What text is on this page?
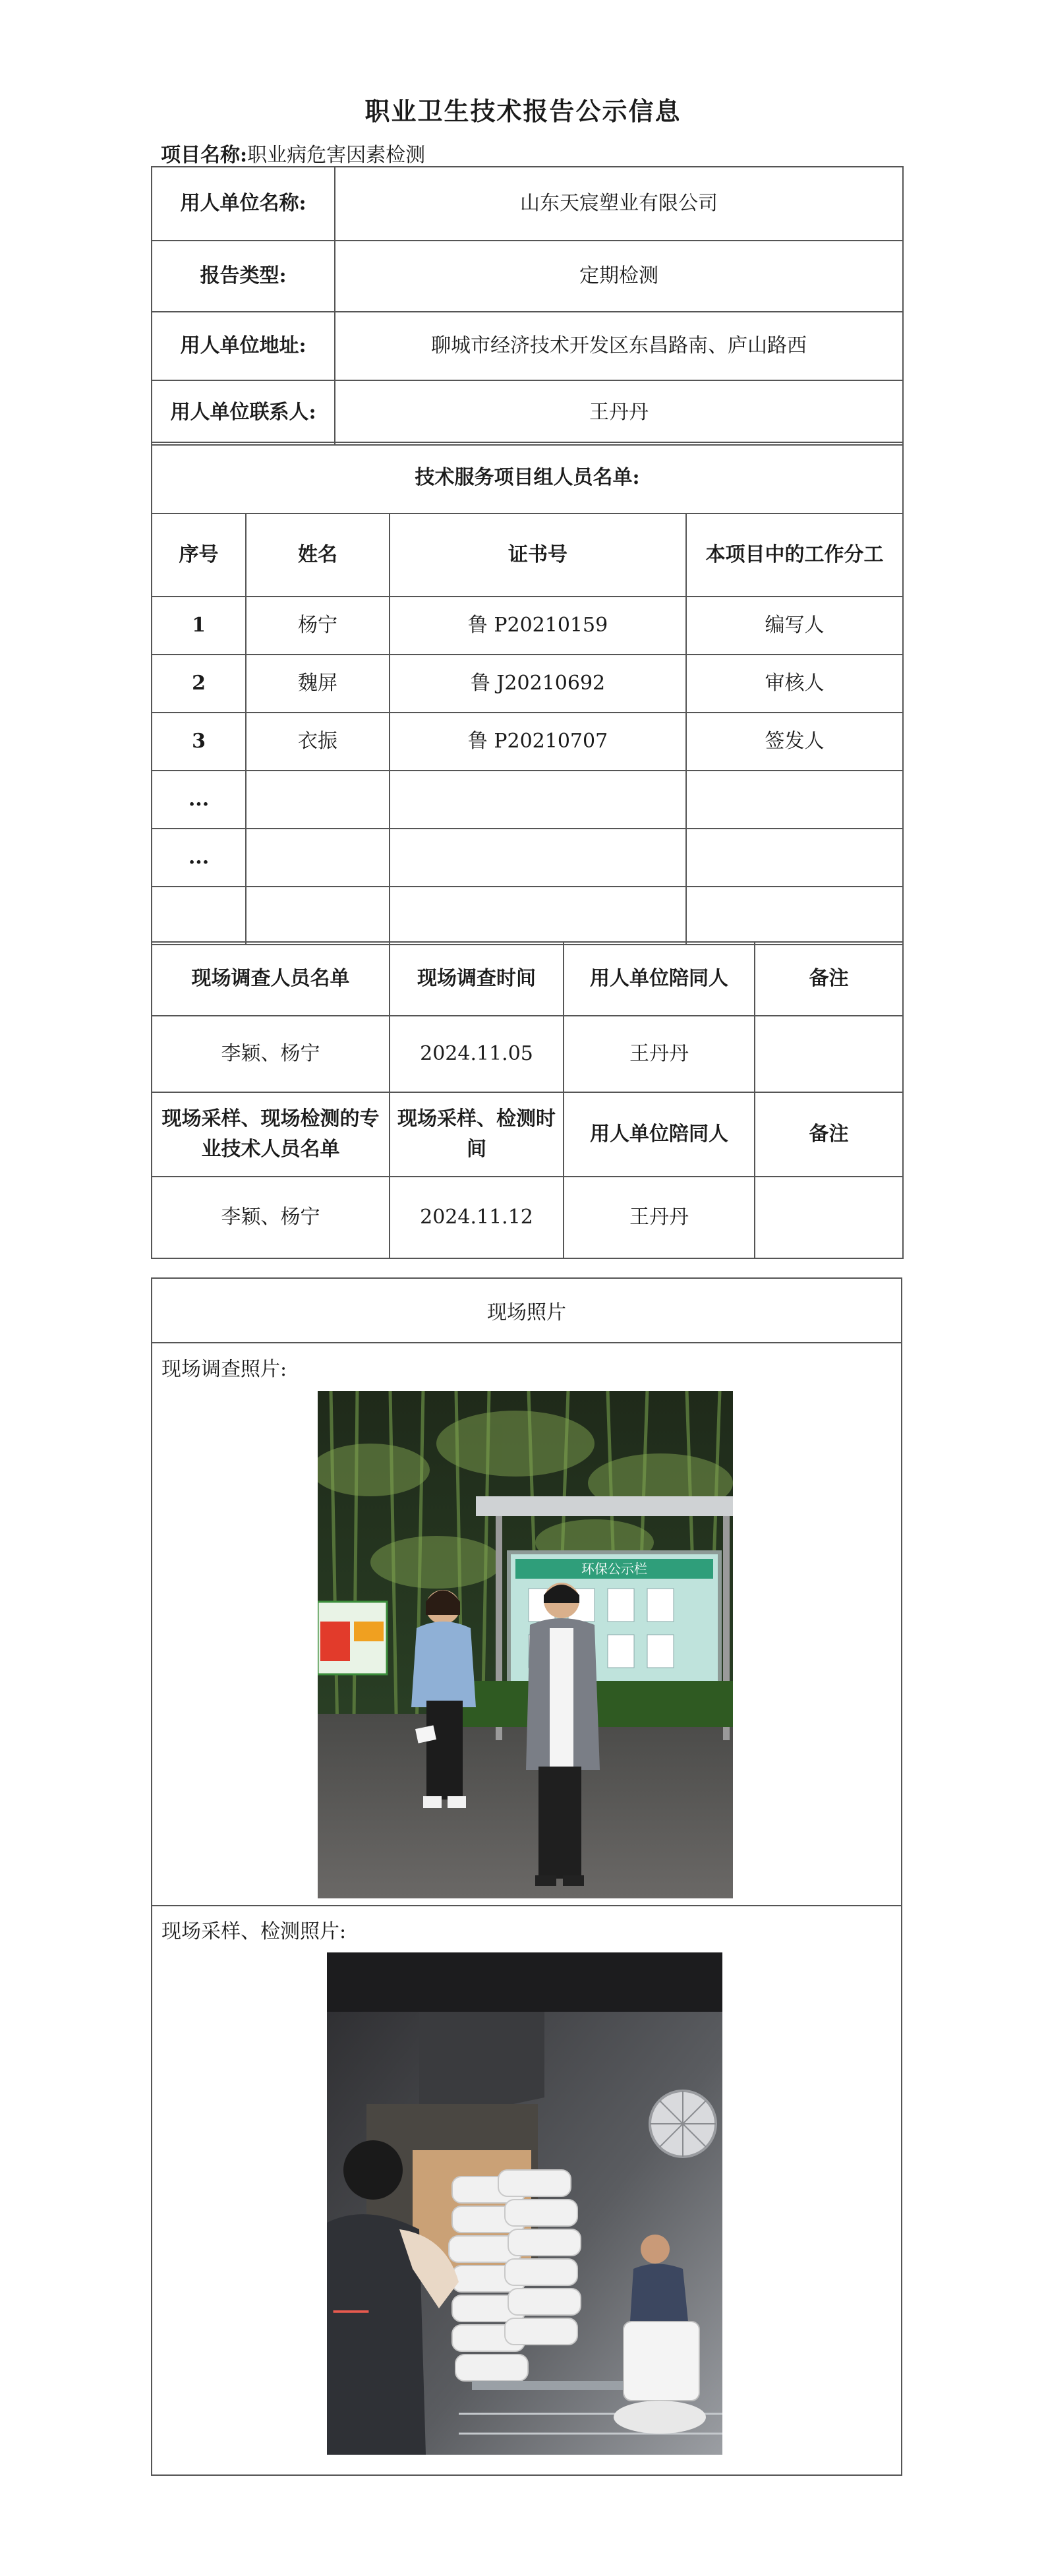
职业卫生技术报告公示信息
项目名称:职业病危害因素检测
用人单位名称:	山东天宸塑业有限公司
报告类型:	定期检测
用人单位地址:	聊城市经济技术开发区东昌路南、庐山路西
用人单位联系人:	王丹丹
技术服务项目组人员名单:			
序号	姓名	证书号	本项目中的工作分工
1	杨宁	鲁 P20210159	编写人
2	魏屏	鲁 J20210692	审核人
3	衣振	鲁 P20210707	签发人
...			
...			

现场调查人员名单	现场调查时间	用人单位陪同人	备注
李颖、杨宁	2024.11.05	王丹丹	
现场采样、现场检测的专业技术人员名单	现场采样、检测时间	用人单位陪同人	备注
李颖、杨宁	2024.11.12	王丹丹	
现场照片
现场调查照片:
环保公示栏
现场采样、检测照片:
──
